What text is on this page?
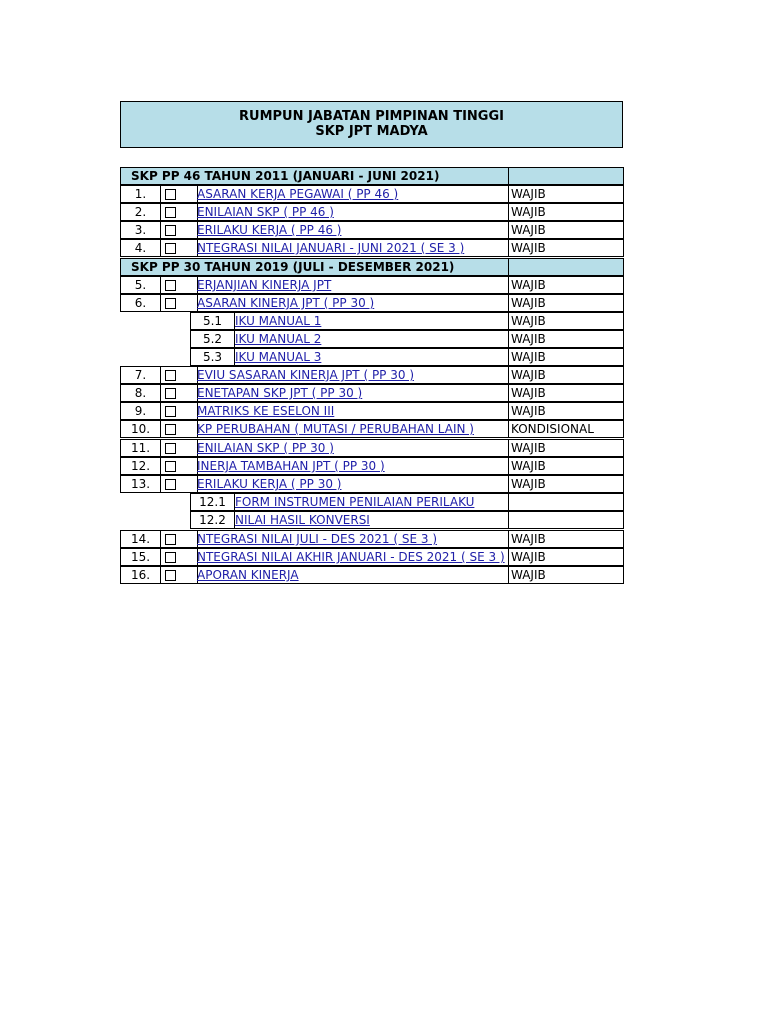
RUMPUN JABATAN PIMPINAN TINGGI
SKP JPT MADYA
SKP PP 46 TAHUN 2011 (JANUARI - JUNI 2021)
1.	ASARAN KERJA PEGAWAI ( PP 46 )	WAJIB
2.	ENILAIAN SKP ( PP 46 )	WAJIB
3.	ERILAKU KERJA ( PP 46 )	WAJIB
4.	NTEGRASI NILAI JANUARI - JUNI 2021 ( SE 3 )	WAJIB
SKP PP 30 TAHUN 2019 (JULI - DESEMBER 2021)
5.	ERJANJIAN KINERJA JPT	WAJIB
6.	ASARAN KINERJA JPT ( PP 30 )	WAJIB
5.1	IKU MANUAL 1	WAJIB
5.2	IKU MANUAL 2	WAJIB
5.3	IKU MANUAL 3	WAJIB
7.	EVIU SASARAN KINERJA JPT ( PP 30 )	WAJIB
8.	ENETAPAN SKP JPT ( PP 30 )	WAJIB
9.	MATRIKS KE ESELON III	WAJIB
10.	KP PERUBAHAN ( MUTASI / PERUBAHAN LAIN )	KONDISIONAL
11.	ENILAIAN SKP ( PP 30 )	WAJIB
12.	INERJA TAMBAHAN JPT ( PP 30 )	WAJIB
13.	ERILAKU KERJA ( PP 30 )	WAJIB
12.1 FORM INSTRUMEN PENILAIAN PERILAKU
12.2 NILAI HASIL KONVERSI
14.	NTEGRASI NILAI JULI - DES 2021 ( SE 3 )	WAJIB
15.	NTEGRASI NILAI AKHIR JANUARI - DES 2021 ( SE 3 ) WAJIB
16.	APORAN KINERJA	WAJIB
